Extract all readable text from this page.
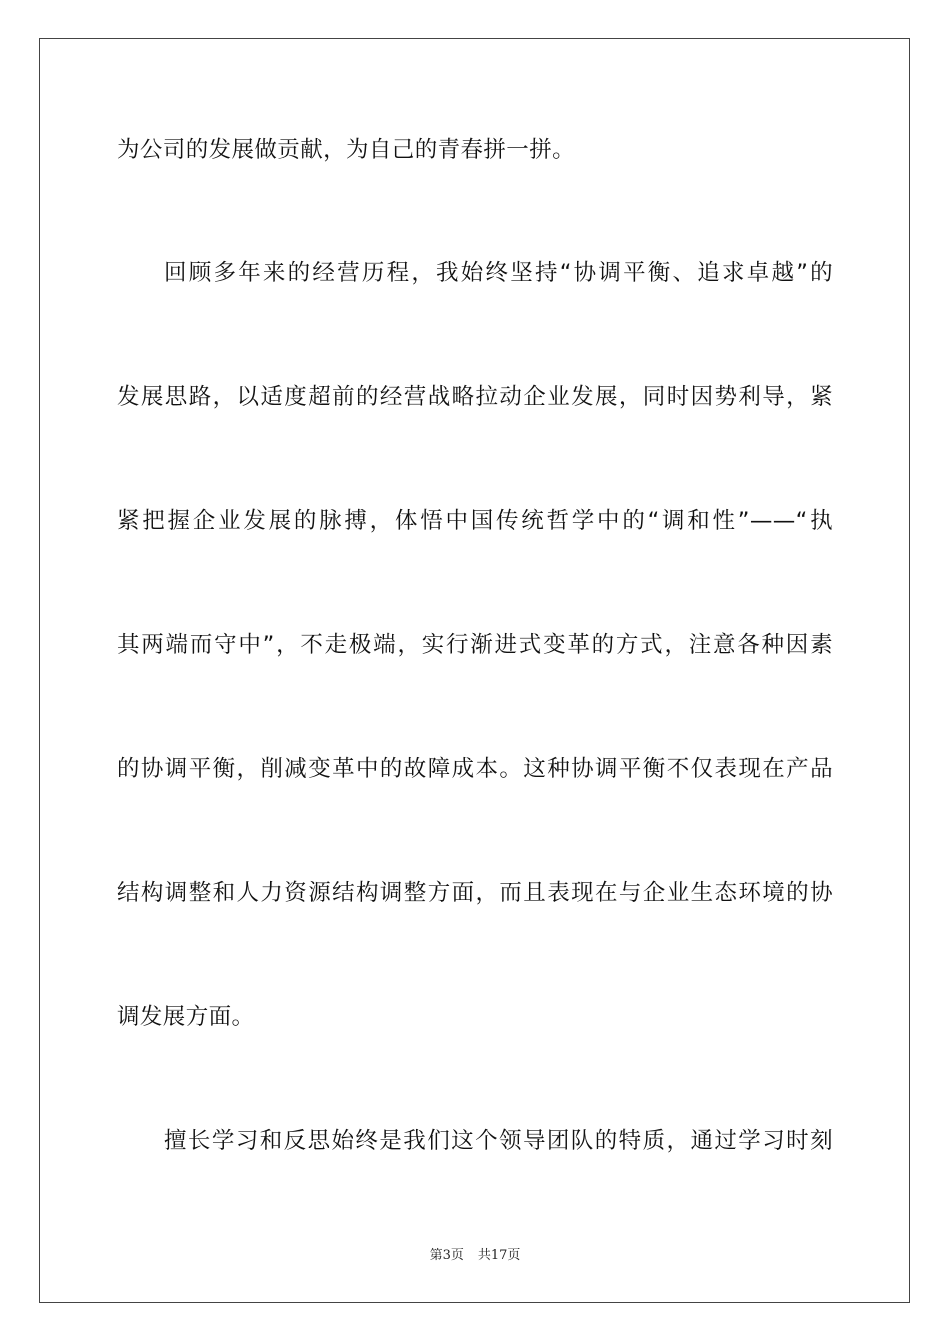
为公司的发展做贡献，为自己的青春拼一拼。
回顾多年来的经营历程，我始终坚持“协调平衡、追求卓越”的
发展思路，以适度超前的经营战略拉动企业发展，同时因势利导，紧
紧把握企业发展的脉搏，体悟中国传统哲学中的“调和性”——“执
其两端而守中”，不走极端，实行渐进式变革的方式，注意各种因素
的协调平衡，削减变革中的故障成本。这种协调平衡不仅表现在产品
结构调整和人力资源结构调整方面，而且表现在与企业生态环境的协
调发展方面。
擅长学习和反思始终是我们这个领导团队的特质，通过学习时刻
第3页 共17页
